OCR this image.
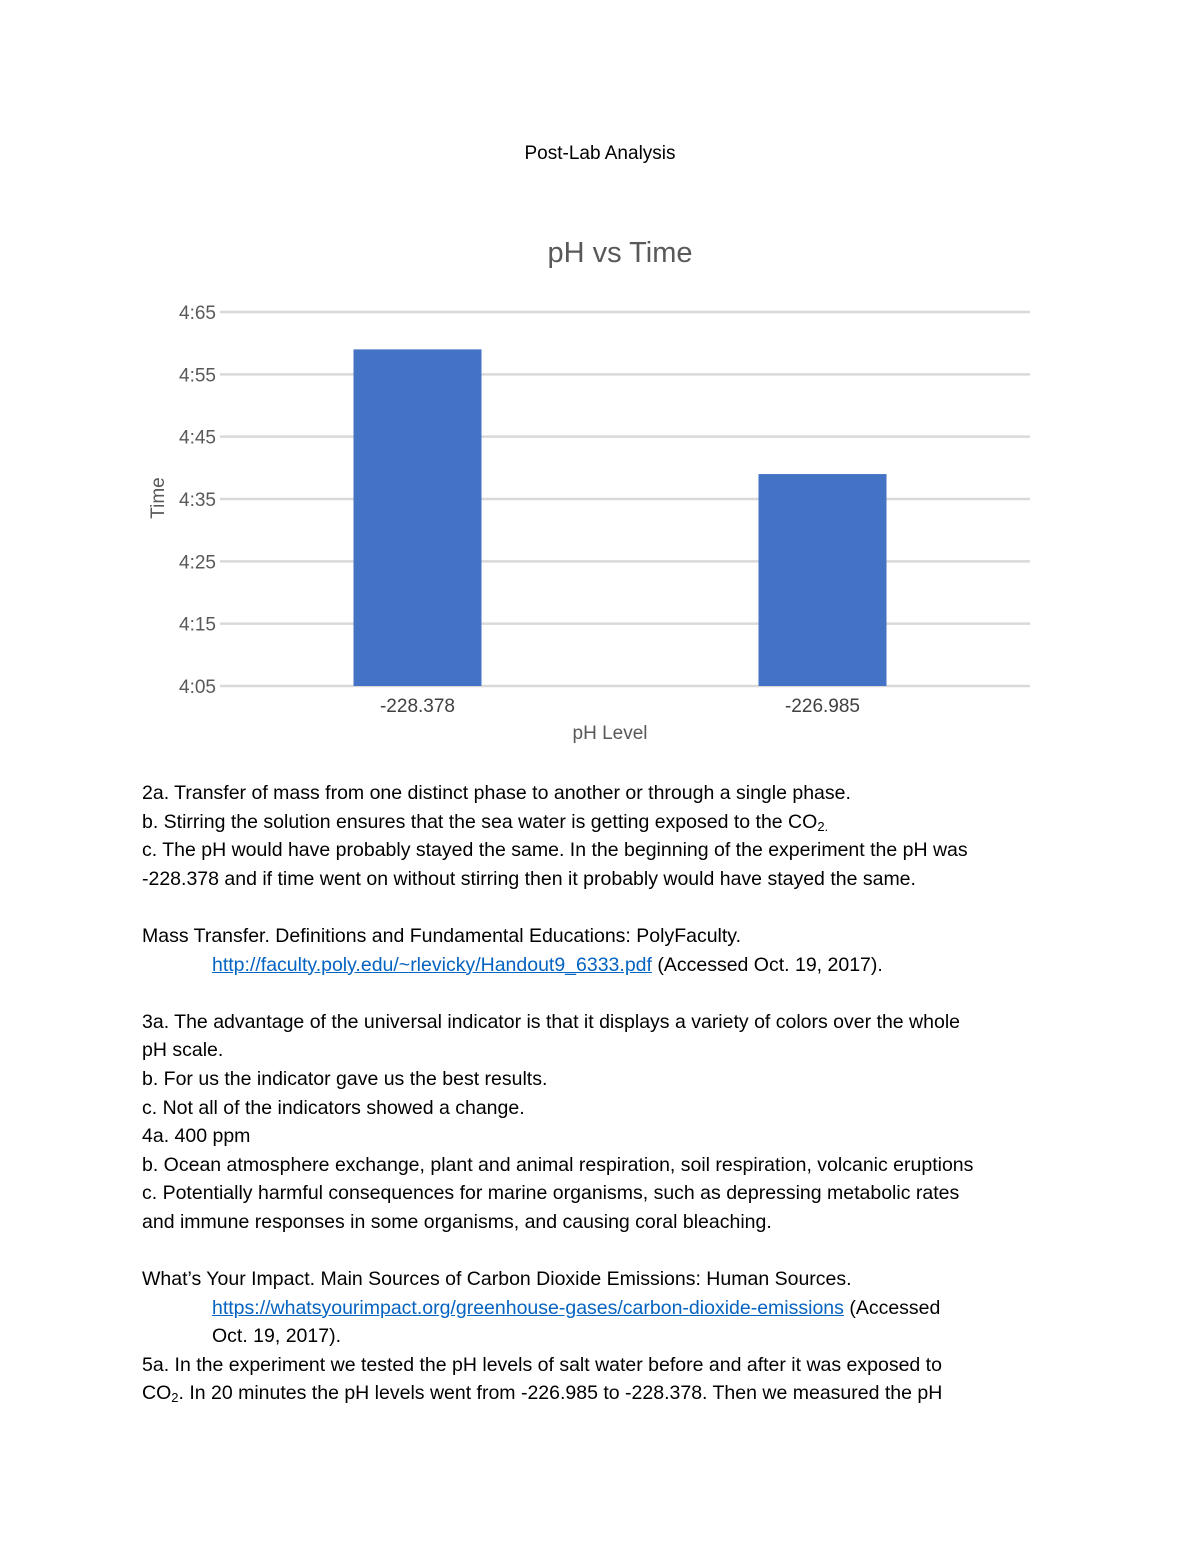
Post-Lab Analysis
pH vs Time
4:05
4:15
4:25
4:35
4:45
4:55
4:65
-228.378	-226.985
Time
pH Level

2a. Transfer of mass from one distinct phase to another or through a single phase.

b. Stirring the solution ensures that the sea water is getting exposed to the $CO_{2.}$

c. The pH would have probably stayed the same. In the beginning of the experiment the pH was

-228.378 and if time went on without stirring then it probably would have stayed the same.

Mass Transfer. Definitions and Fundamental Educations: PolyFaculty.

http://faculty.poly.edu/~rlevicky/Handout9_6333.pdf (Accessed Oct. 19, 2017).

3a. The advantage of the universal indicator is that it displays a variety of colors over the whole

pH scale.

b. For us the indicator gave us the best results.

c. Not all of the indicators showed a change.

4a. 400 ppm

b. Ocean atmosphere exchange, plant and animal respiration, soil respiration, volcanic eruptions

c. Potentially harmful consequences for marine organisms, such as depressing metabolic rates

and immune responses in some organisms, and causing coral bleaching.

What’s Your Impact. Main Sources of Carbon Dioxide Emissions: Human Sources.

https://whatsyourimpact.org/greenhouse-gases/carbon-dioxide-emissions (Accessed

Oct. 19, 2017).

5a. In the experiment we tested the pH levels of salt water before and after it was exposed to

$CO_2$. In 20 minutes the pH levels went from -226.985 to -228.378. Then we measured the pH
